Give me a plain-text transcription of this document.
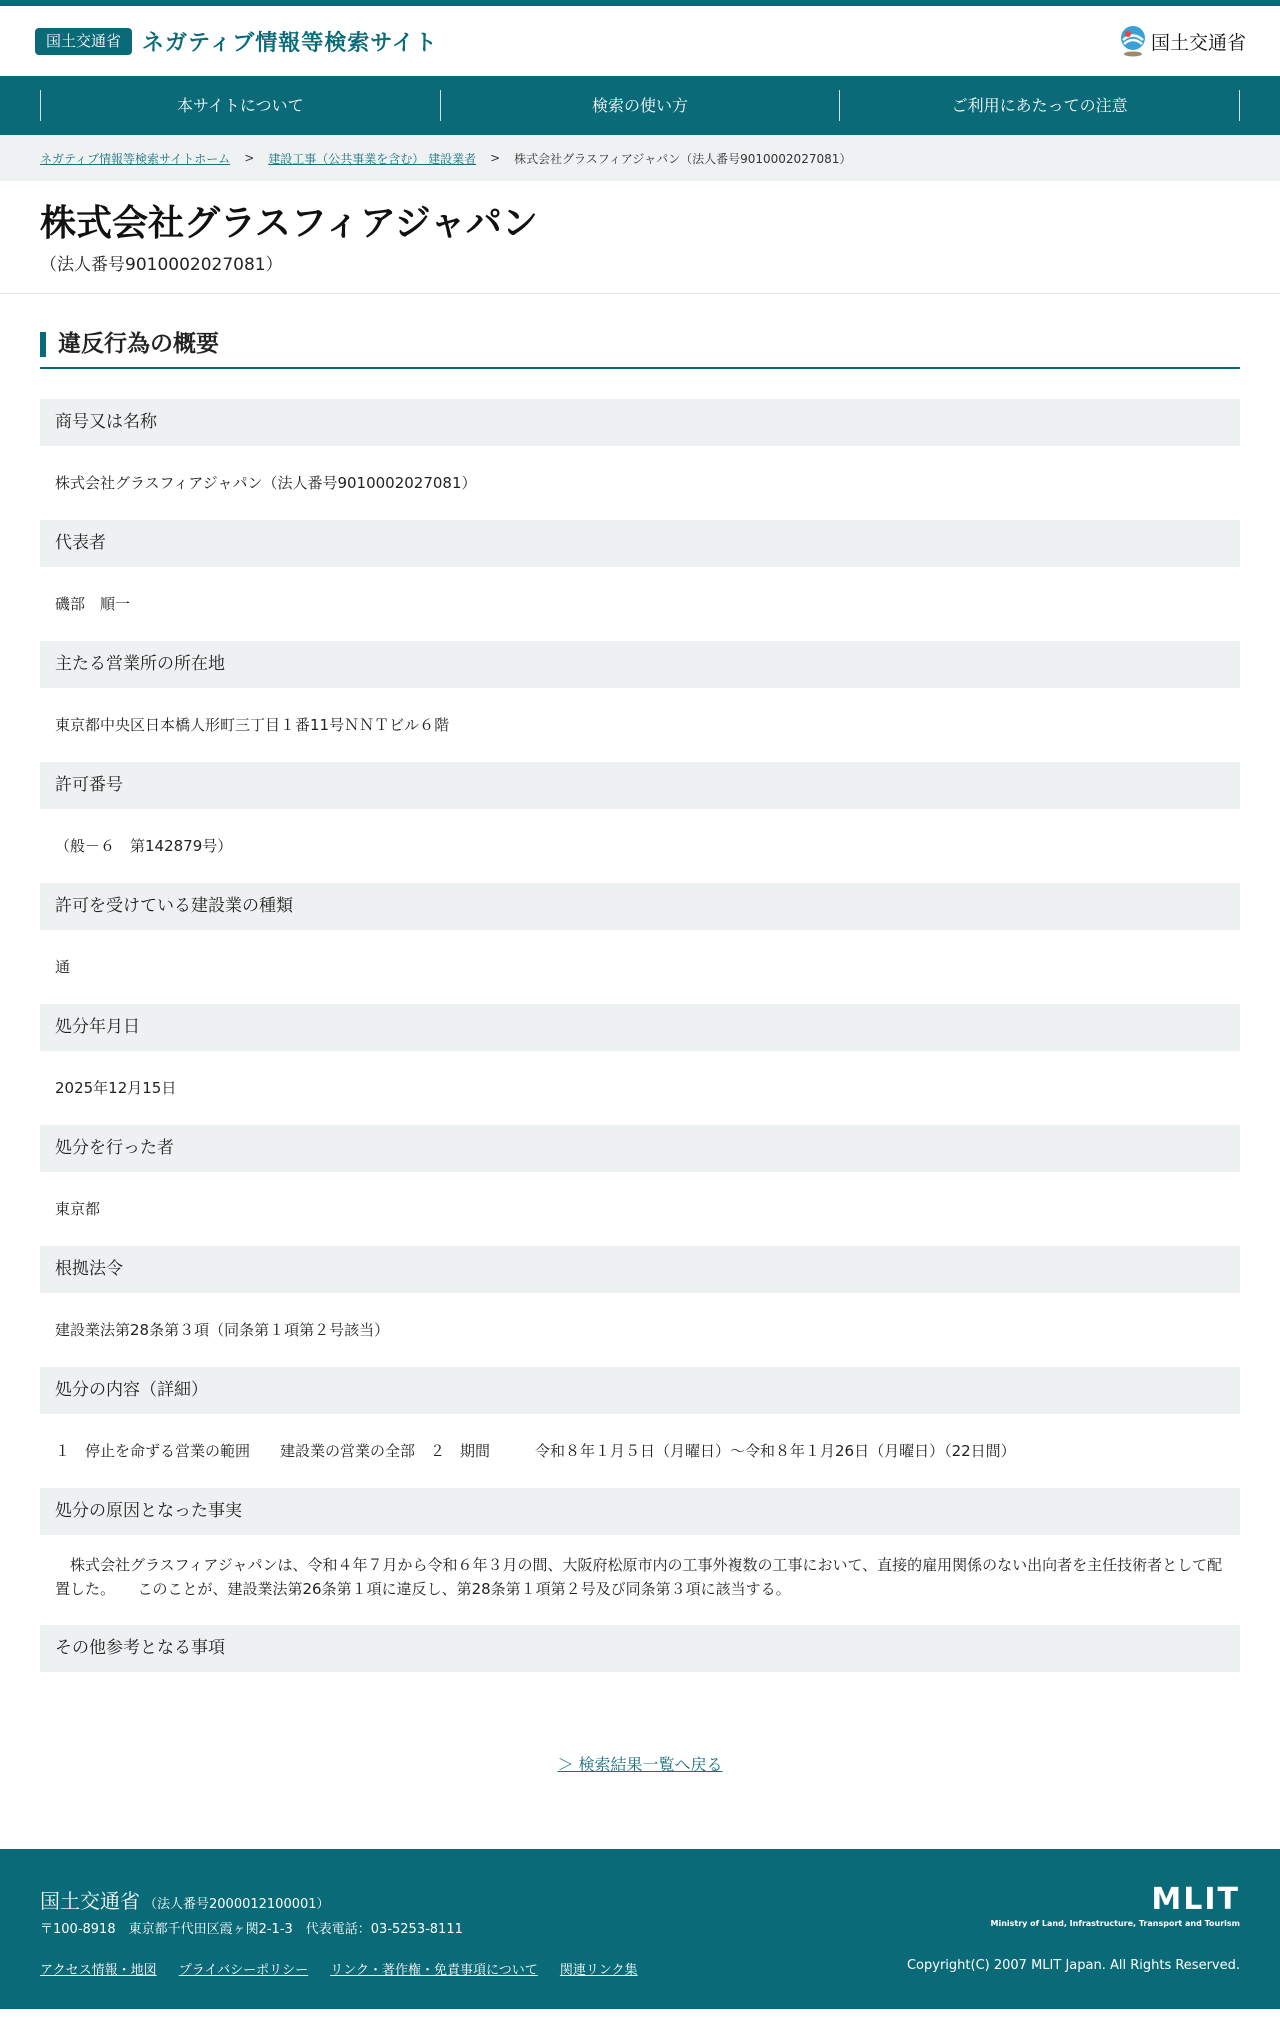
国土交通省 ネガティブ情報等検索サイト	国土交通省
本サイトについて	検索の使い方	ご利用にあたっての注意
ネガティブ情報等検索サイトホーム > 建設工事（公共事業を含む） 建設業者 > 株式会社グラスフィアジャパン（法人番号9010002027081）
株式会社グラスフィアジャパン
（法人番号9010002027081）
違反行為の概要
商号又は名称
株式会社グラスフィアジャパン（法人番号9010002027081）
代表者
磯部　順一
主たる営業所の所在地
東京都中央区日本橋人形町三丁目１番11号ＮＮＴビル６階
許可番号
（般－６　第142879号）
許可を受けている建設業の種類
通
処分年月日
2025年12月15日
処分を行った者
東京都
根拠法令
建設業法第28条第３項（同条第１項第２号該当）
処分の内容（詳細）
１　停止を命ずる営業の範囲　　建設業の営業の全部　２　期間　　　令和８年１月５日（月曜日）～令和８年１月26日（月曜日）（22日間）
処分の原因となった事実
　株式会社グラスフィアジャパンは、令和４年７月から令和６年３月の間、大阪府松原市内の工事外複数の工事において、直接的雇用関係のない出向者を主任技術者として配置した。　　このことが、建設業法第26条第１項に違反し、第28条第１項第２号及び同条第３項に該当する。
その他参考となる事項
＞ 検索結果一覧へ戻る
国土交通省 （法人番号2000012100001）
〒100-8918　東京都千代田区霞ヶ関2-1-3　代表電話：03-5253-8111
アクセス情報・地図 プライバシーポリシー リンク・著作権・免責事項について 関連リンク集
MLIT
Ministry of Land, Infrastructure, Transport and Tourism
Copyright(C) 2007 MLIT Japan. All Rights Reserved.
